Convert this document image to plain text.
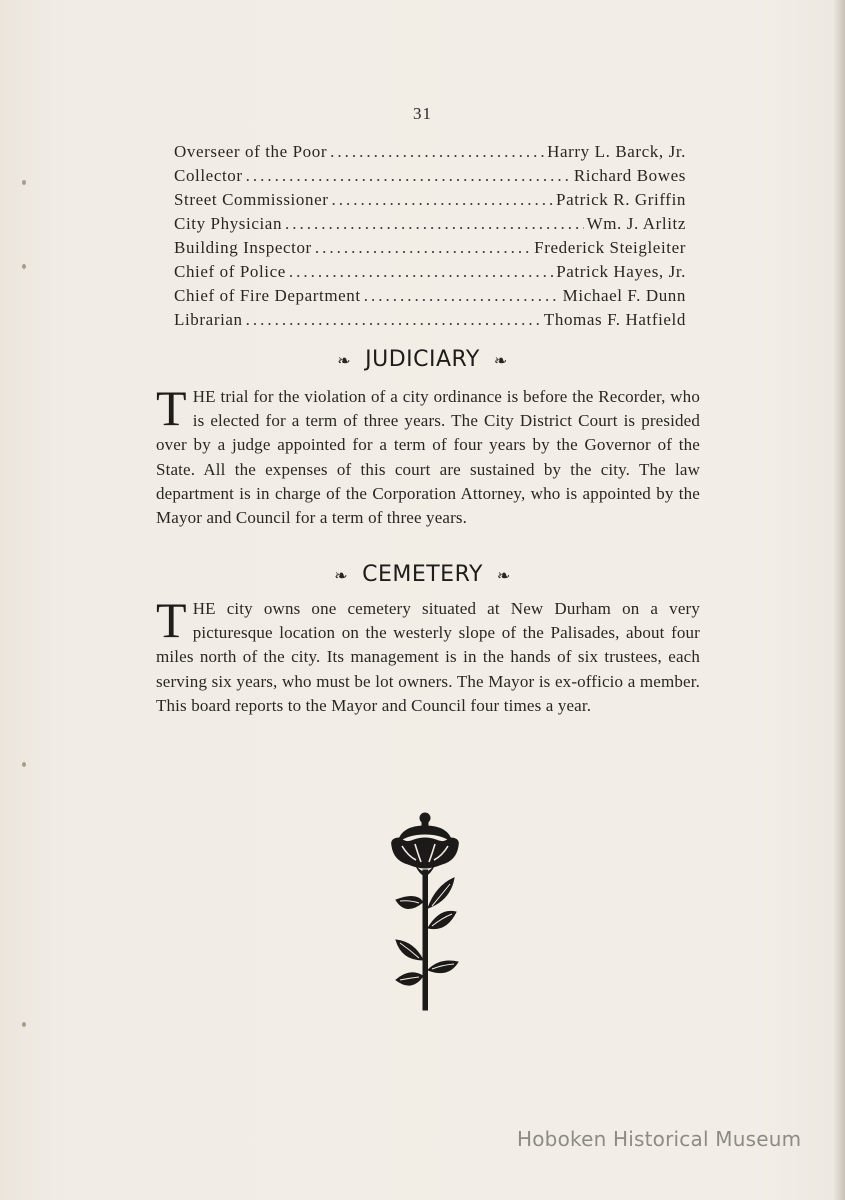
31
Overseer of the Poor .....	Harry L. Barck, Jr.
Collector .....	Richard Bowes
Street Commissioner .....	Patrick R. Griffin
City Physician .....	Wm. J. Arlitz
Building Inspector .....	Frederick Steigleiter
Chief of Police .....	Patrick Hayes, Jr.
Chief of Fire Department .....	Michael F. Dunn
Librarian .....	Thomas F. Hatfield
❧ JUDICIARY ❧
THE trial for the violation of a city ordinance is before the Recorder, who is elected for a term of three years. The City District Court is presided over by a judge appointed for a term of four years by the Governor of the State. All the expenses of this court are sustained by the city. The law department is in charge of the Corporation Attorney, who is appointed by the Mayor and Council for a term of three years.
❧ CEMETERY ❧
THE city owns one cemetery situated at New Durham on a very picturesque location on the westerly slope of the Palisades, about four miles north of the city. Its management is in the hands of six trustees, each serving six years, who must be lot owners. The Mayor is ex-officio a member. This board reports to the Mayor and Council four times a year.
Hoboken Historical Museum
